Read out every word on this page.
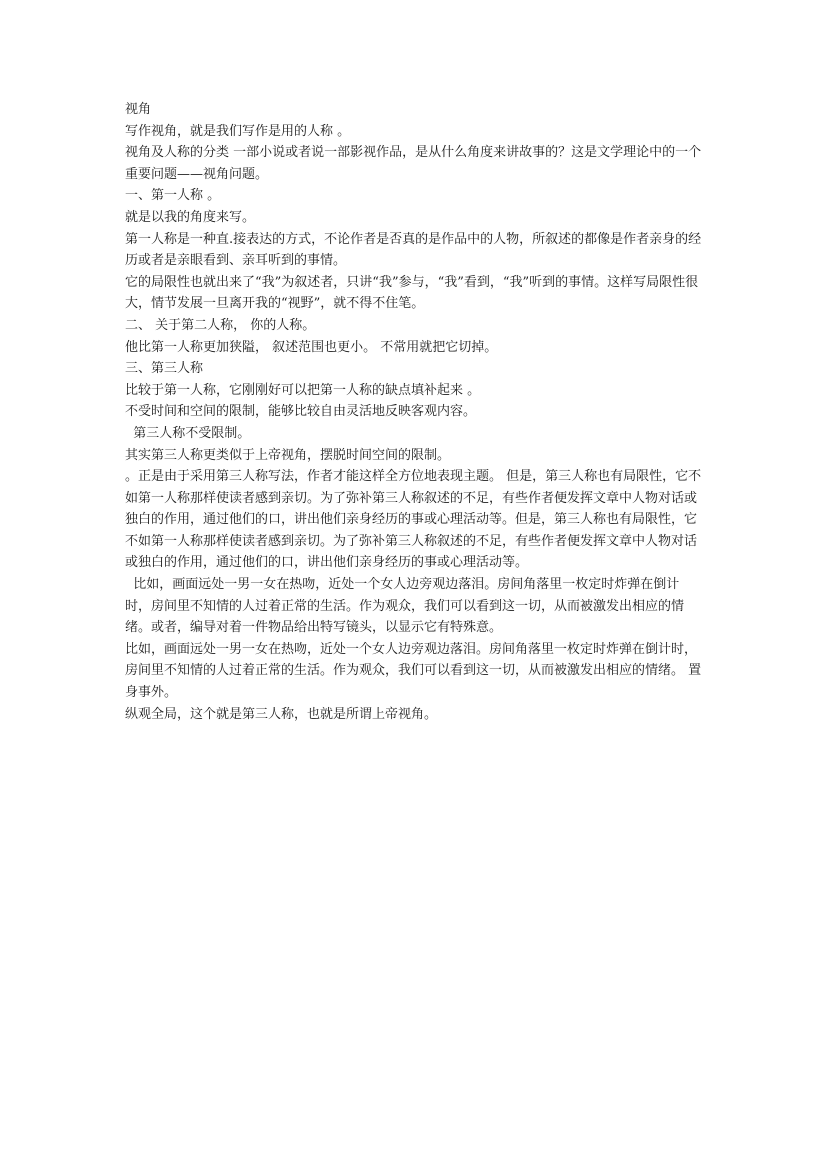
视角

写作视角，就是我们写作是用的人称 。

视角及人称的分类 一部小说或者说一部影视作品，是从什么角度来讲故事的？这是文学理论中的一个重要问题——视角问题。

一、第一人称 。

就是以我的角度来写。

第一人称是一种直.接表达的方式，不论作者是否真的是作品中的人物，所叙述的都像是作者亲身的经历或者是亲眼看到、亲耳听到的事情。

它的局限性也就出来了“我”为叙述者，只讲“我”参与，“我”看到，“我”听到的事情。这样写局限性很大，情节发展一旦离开我的“视野”，就不得不住笔。

二、 关于第二人称， 你的人称。

他比第一人称更加狭隘， 叙述范围也更小。 不常用就把它切掉。

三、第三人称

比较于第一人称，它刚刚好可以把第一人称的缺点填补起来 。

不受时间和空间的限制，能够比较自由灵活地反映客观内容。

第三人称不受限制。

其实第三人称更类似于上帝视角，摆脱时间空间的限制。

。正是由于采用第三人称写法，作者才能这样全方位地表现主题。 但是，第三人称也有局限性，它不如第一人称那样使读者感到亲切。为了弥补第三人称叙述的不足，有些作者便发挥文章中人物对话或独白的作用，通过他们的口，讲出他们亲身经历的事或心理活动等。但是，第三人称也有局限性，它不如第一人称那样使读者感到亲切。为了弥补第三人称叙述的不足，有些作者便发挥文章中人物对话或独白的作用，通过他们的口，讲出他们亲身经历的事或心理活动等。

比如，画面远处一男一女在热吻，近处一个女人边旁观边落泪。房间角落里一枚定时炸弹在倒计时，房间里不知情的人过着正常的生活。作为观众，我们可以看到这一切，从而被激发出相应的情绪。或者，编导对着一件物品给出特写镜头，以显示它有特殊意。

比如，画面远处一男一女在热吻，近处一个女人边旁观边落泪。房间角落里一枚定时炸弹在倒计时，房间里不知情的人过着正常的生活。作为观众，我们可以看到这一切，从而被激发出相应的情绪。 置身事外。

纵观全局，这个就是第三人称，也就是所谓上帝视角。
